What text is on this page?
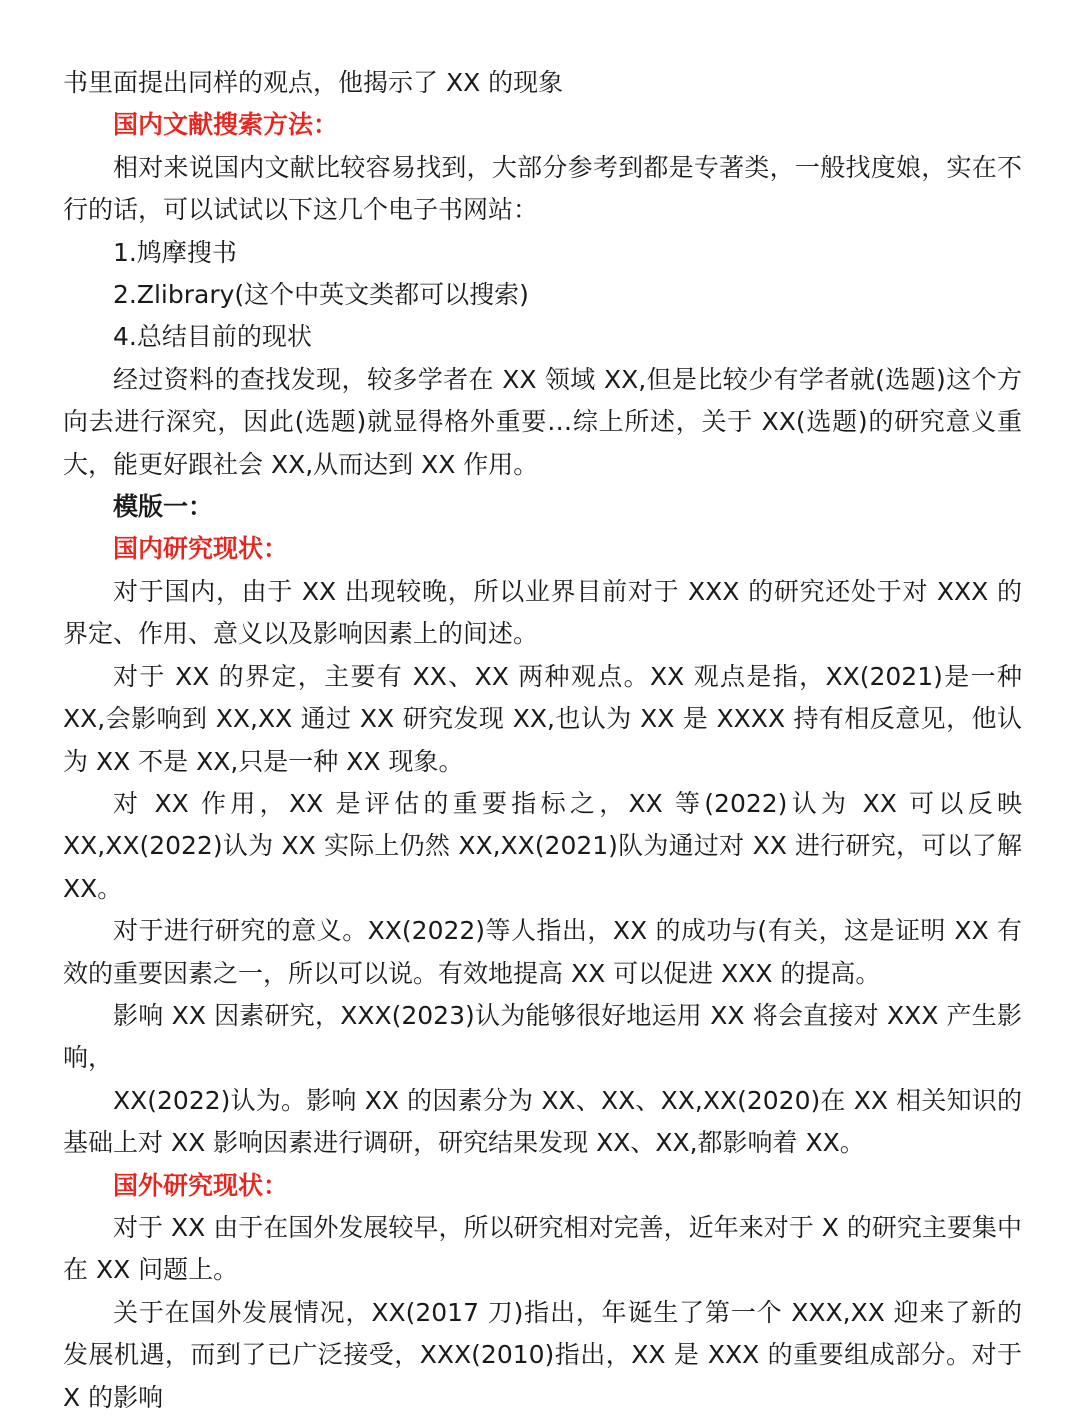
书里面提出同样的观点，他揭示了 XX 的现象

国内文献搜索方法：

相对来说国内文献比较容易找到，大部分参考到都是专著类，一般找度娘，实在不行的话，可以试试以下这几个电子书网站：

1.鸠摩搜书

2.Zlibrary(这个中英文类都可以搜索)

4.总结目前的现状

经过资料的查找发现，较多学者在 XX 领域 XX,但是比较少有学者就(选题)这个方向去进行深究，因此(选题)就显得格外重要…综上所述，关于 XX(选题)的研究意义重大，能更好跟社会 XX,从而达到 XX 作用。

模版一：

国内研究现状：

对于国内，由于 XX 出现较晚，所以业界目前对于 XXX 的研究还处于对 XXX 的界定、作用、意义以及影响因素上的间述。

对于 XX 的界定，主要有 XX、XX 两种观点。XX 观点是指，XX(2021)是一种 XX,会影响到 XX,XX 通过 XX 研究发现 XX,也认为 XX 是 XXXX 持有相反意见，他认为 XX 不是 XX,只是一种 XX 现象。

对 XX 作用，XX 是评估的重要指标之，XX 等(2022)认为 XX 可以反映 XX,XX(2022)认为 XX 实际上仍然 XX,XX(2021)队为通过对 XX 进行研究，可以了解 XX。

对于进行研究的意义。XX(2022)等人指出，XX 的成功与(有关，这是证明 XX 有效的重要因素之一，所以可以说。有效地提高 XX 可以促进 XXX 的提高。

影响 XX 因素研究，XXX(2023)认为能够很好地运用 XX 将会直接对 XXX 产生影响，

XX(2022)认为。影响 XX 的因素分为 XX、XX、XX,XX(2020)在 XX 相关知识的基础上对 XX 影响因素进行调研，研究结果发现 XX、XX,都影响着 XX。

国外研究现状：

对于 XX 由于在国外发展较早，所以研究相对完善，近年来对于 X 的研究主要集中在 XX 问题上。

关于在国外发展情况，XX(2017 刀)指出，年诞生了第一个 XXX,XX 迎来了新的发展机遇，而到了已广泛接受，XXX(2010)指出，XX 是 XXX 的重要组成部分。对于 X 的影响
